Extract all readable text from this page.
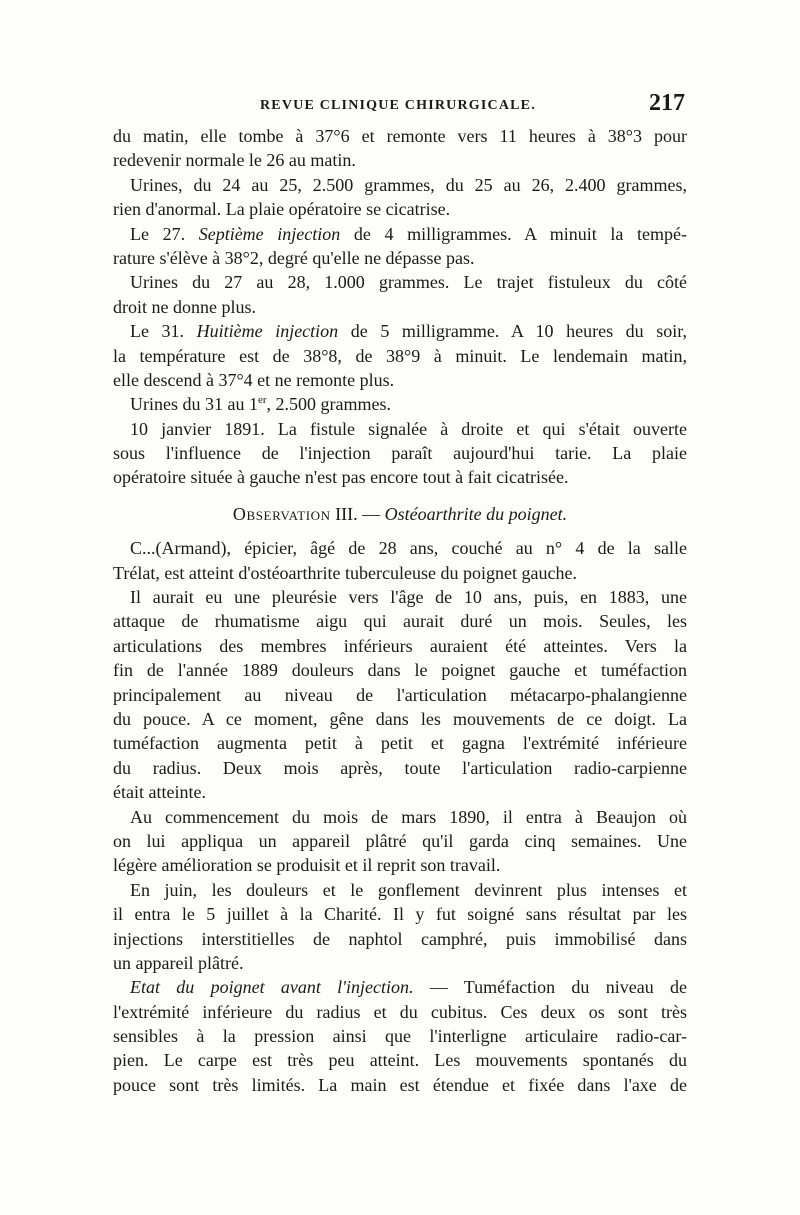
REVUE CLINIQUE CHIRURGICALE.	217
du matin, elle tombe à 37°6 et remonte vers 11 heures à 38°3 pour
redevenir normale le 26 au matin.
Urines, du 24 au 25, 2.500 grammes, du 25 au 26, 2.400 grammes,
rien d'anormal. La plaie opératoire se cicatrise.
Le 27. Septième injection de 4 milligrammes. A minuit la tempé-
rature s'élève à 38°2, degré qu'elle ne dépasse pas.
Urines du 27 au 28, 1.000 grammes. Le trajet fistuleux du côté
droit ne donne plus.
Le 31. Huitième injection de 5 milligramme. A 10 heures du soir,
la température est de 38°8, de 38°9 à minuit. Le lendemain matin,
elle descend à 37°4 et ne remonte plus.
Urines du 31 au 1er, 2.500 grammes.
10 janvier 1891. La fistule signalée à droite et qui s'était ouverte
sous l'influence de l'injection paraît aujourd'hui tarie. La plaie
opératoire située à gauche n'est pas encore tout à fait cicatrisée.
Observation III. — Ostéoarthrite du poignet.
C...(Armand), épicier, âgé de 28 ans, couché au n° 4 de la salle
Trélat, est atteint d'ostéoarthrite tuberculeuse du poignet gauche.
Il aurait eu une pleurésie vers l'âge de 10 ans, puis, en 1883, une
attaque de rhumatisme aigu qui aurait duré un mois. Seules, les
articulations des membres inférieurs auraient été atteintes. Vers la
fin de l'année 1889 douleurs dans le poignet gauche et tuméfaction
principalement au niveau de l'articulation métacarpo-phalangienne
du pouce. A ce moment, gêne dans les mouvements de ce doigt. La
tuméfaction augmenta petit à petit et gagna l'extrémité inférieure
du radius. Deux mois après, toute l'articulation radio-carpienne
était atteinte.
Au commencement du mois de mars 1890, il entra à Beaujon où
on lui appliqua un appareil plâtré qu'il garda cinq semaines. Une
légère amélioration se produisit et il reprit son travail.
En juin, les douleurs et le gonflement devinrent plus intenses et
il entra le 5 juillet à la Charité. Il y fut soigné sans résultat par les
injections interstitielles de naphtol camphré, puis immobilisé dans
un appareil plâtré.
Etat du poignet avant l'injection. — Tuméfaction du niveau de
l'extrémité inférieure du radius et du cubitus. Ces deux os sont très
sensibles à la pression ainsi que l'interligne articulaire radio-car-
pien. Le carpe est très peu atteint. Les mouvements spontanés du
pouce sont très limités. La main est étendue et fixée dans l'axe de
